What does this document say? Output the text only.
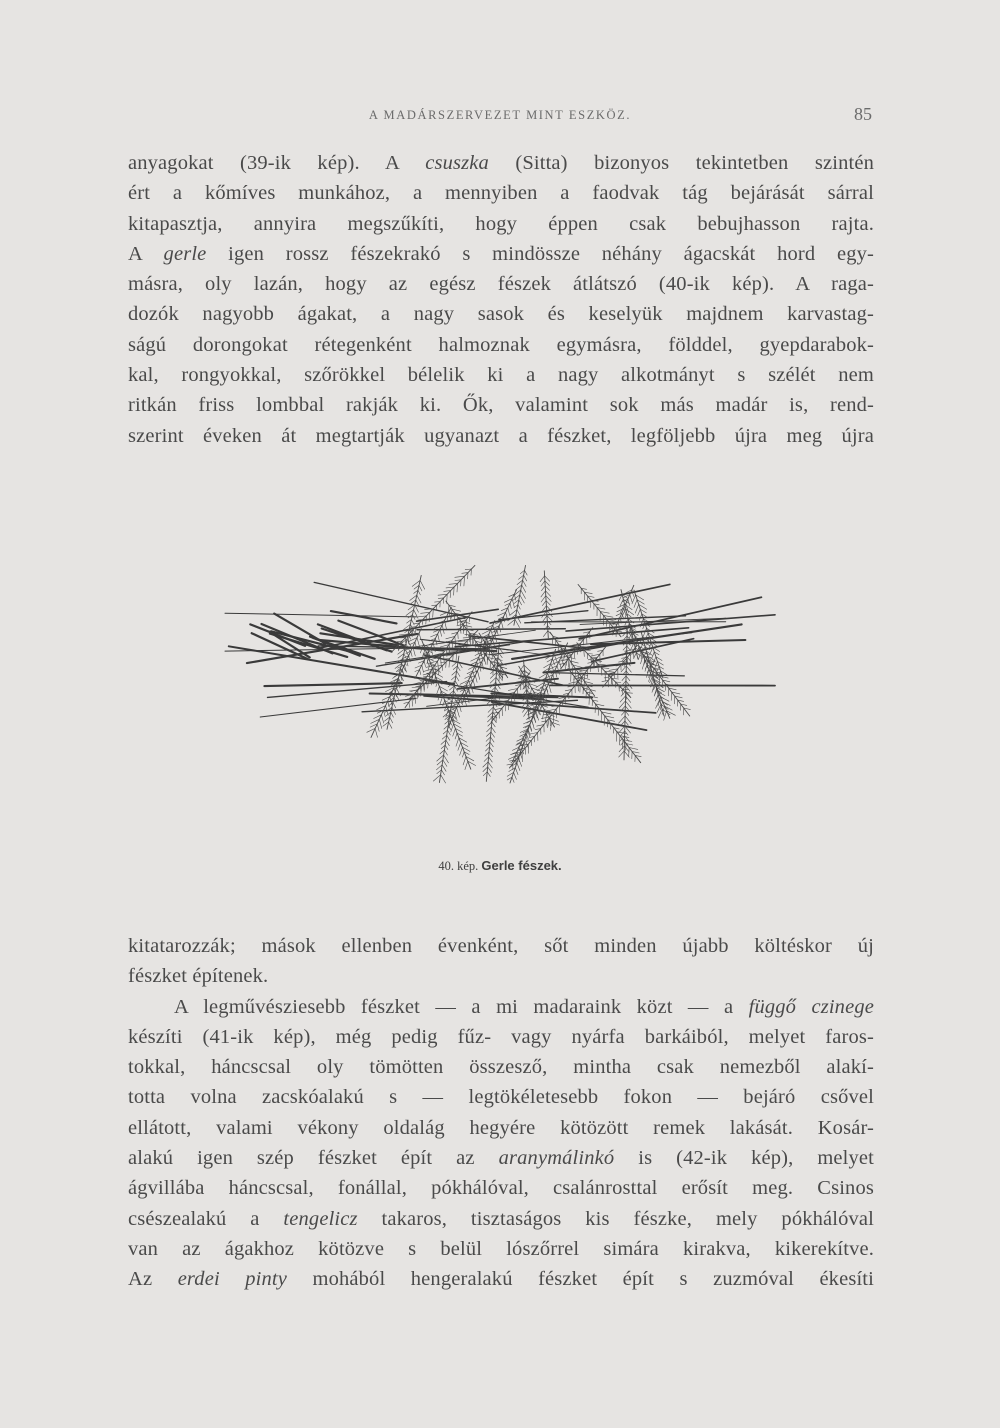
A MADÁRSZERVEZET MINT ESZKÖZ.	85
anyagokat (39-ik kép). A csuszka (Sitta) bizonyos tekintetben szintén
ért a kőmíves munkához, a mennyiben a faodvak tág bejárását sárral
kitapasztja, annyira megszűkíti, hogy éppen csak bebujhasson rajta.
A gerle igen rossz fészekrakó s mindössze néhány ágacskát hord egy-
másra, oly lazán, hogy az egész fészek átlátszó (40-ik kép). A raga-
dozók nagyobb ágakat, a nagy sasok és keselyük majdnem karvastag-
ságú dorongokat rétegenként halmoznak egymásra, földdel, gyepdarabok-
kal, rongyokkal, szőrökkel bélelik ki a nagy alkotmányt s szélét nem
ritkán friss lombbal rakják ki. Ők, valamint sok más madár is, rend-
szerint éveken át megtartják ugyanazt a fészket, legföljebb újra meg újra
40. kép. Gerle fészek.
kitatarozzák; mások ellenben évenként, sőt minden újabb költéskor új
fészket építenek.
A legművésziesebb fészket — a mi madaraink közt — a függő czinege
készíti (41-ik kép), még pedig fűz- vagy nyárfa barkáiból, melyet faros-
tokkal, háncscsal oly tömötten összesző, mintha csak nemezből alakí-
totta volna zacskóalakú s — legtökéletesebb fokon — bejáró csővel
ellátott, valami vékony oldalág hegyére kötözött remek lakását. Kosár-
alakú igen szép fészket épít az aranymálinkó is (42-ik kép), melyet
ágvillába háncscsal, fonállal, pókhálóval, csalánrosttal erősít meg. Csinos
csészealakú a tengelicz takaros, tisztaságos kis fészke, mely pókhálóval
van az ágakhoz kötözve s belül lószőrrel simára kirakva, kikerekítve.
Az erdei pinty mohából hengeralakú fészket épít s zuzmóval ékesíti
